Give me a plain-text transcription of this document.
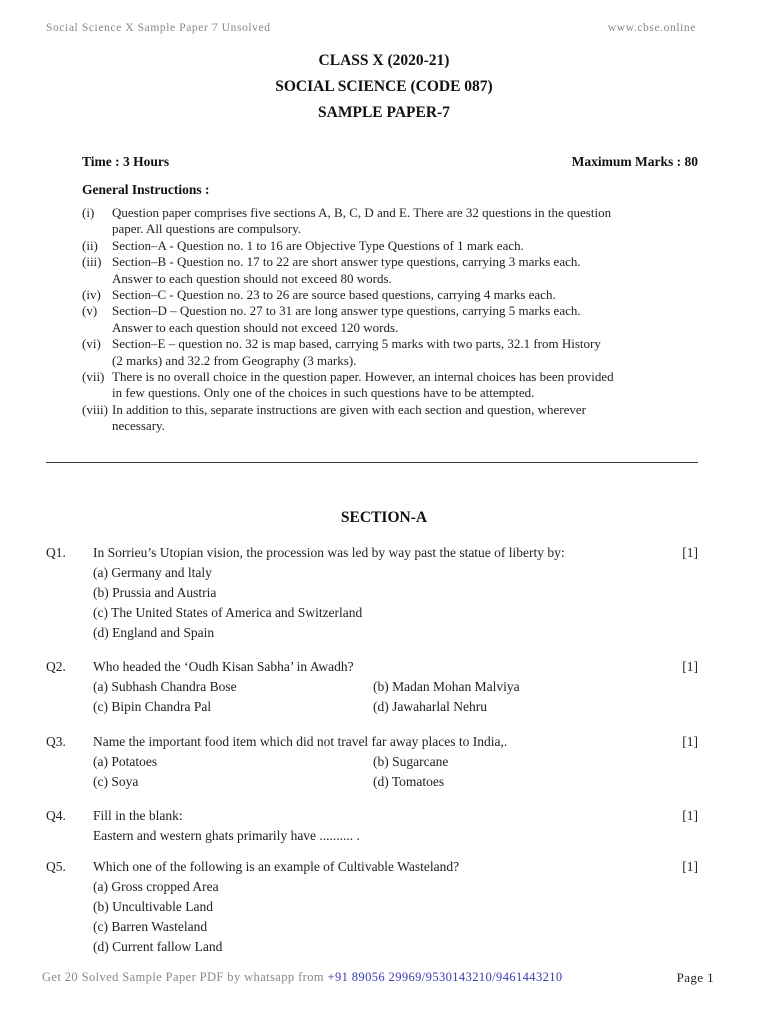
Social Science X Sample Paper 7 Unsolved	www.cbse.online
CLASS X (2020-21)
SOCIAL SCIENCE (CODE 087)
SAMPLE PAPER-7
Time : 3 Hours	Maximum Marks : 80
General Instructions :
(i)	Question paper comprises five sections A, B, C, D and E. There are 32 questions in the question
paper. All questions are compulsory.
(ii)	Section–A - Question no. 1 to 16 are Objective Type Questions of 1 mark each.
(iii) Section–B - Question no. 17 to 22 are short answer type questions, carrying 3 marks each.
Answer to each question should not exceed 80 words.
(iv) Section–C - Question no. 23 to 26 are source based questions, carrying 4 marks each.
(v)	Section–D – Question no. 27 to 31 are long answer type questions, carrying 5 marks each.
Answer to each question should not exceed 120 words.
(vi) Section–E – question no. 32 is map based, carrying 5 marks with two parts, 32.1 from History
(2 marks) and 32.2 from Geography (3 marks).
(vii) There is no overall choice in the question paper. However, an internal choices has been provided
in few questions. Only one of the choices in such questions have to be attempted.
(viii) In addition to this, separate instructions are given with each section and question, wherever
necessary.
SECTION-A
Q1.	In Sorrieu’s Utopian vision, the procession was led by way past the statue of liberty by:	[1]
(a) Germany and ltaly
(b) Prussia and Austria
(c) The United States of America and Switzerland
(d) England and Spain
Q2.	Who headed the ‘Oudh Kisan Sabha’ in Awadh?	[1]
(a) Subhash Chandra Bose	(b) Madan Mohan Malviya
(c) Bipin Chandra Pal	(d) Jawaharlal Nehru
Q3.	Name the important food item which did not travel far away places to India,.	[1]
(a) Potatoes	(b) Sugarcane
(c) Soya	(d) Tomatoes
Q4.	Fill in the blank:	[1]
Eastern and western ghats primarily have .......... .
Q5.	Which one of the following is an example of Cultivable Wasteland?	[1]
(a) Gross cropped Area
(b) Uncultivable Land
(c) Barren Wasteland
(d) Current fallow Land
Get 20 Solved Sample Paper PDF by whatsapp from +91 89056 29969/9530143210/9461443210	Page 1
